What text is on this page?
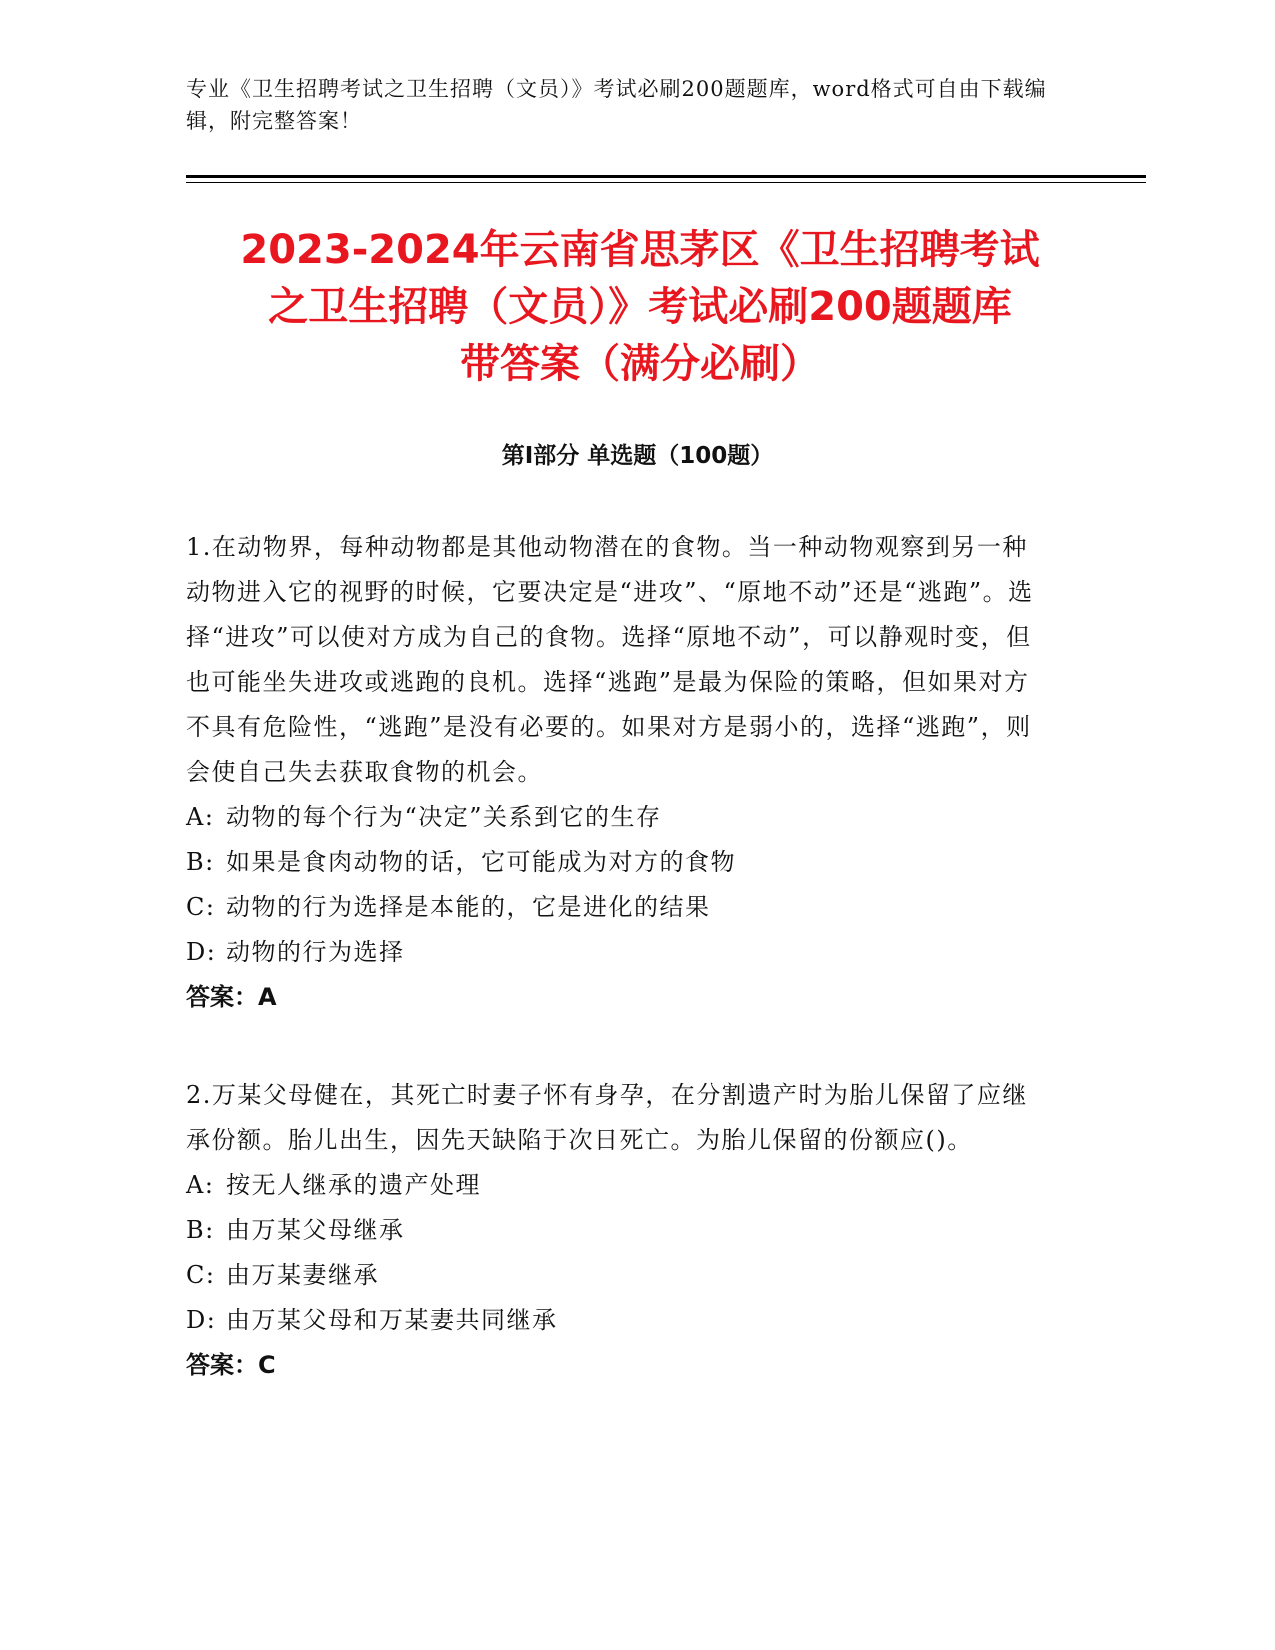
专业《卫生招聘考试之卫生招聘（文员）》考试必刷200题题库，word格式可自由下载编辑，附完整答案！
2023-2024年云南省思茅区《卫生招聘考试
之卫生招聘（文员）》考试必刷200题题库
带答案（满分必刷）
第Ⅰ部分 单选题（100题）
1.在动物界，每种动物都是其他动物潜在的食物。当一种动物观察到另一种动物进入它的视野的时候，它要决定是“进攻”、“原地不动”还是“逃跑”。选择“进攻”可以使对方成为自己的食物。选择“原地不动”，可以静观时变，但也可能坐失进攻或逃跑的良机。选择“逃跑”是最为保险的策略，但如果对方不具有危险性，“逃跑”是没有必要的。如果对方是弱小的，选择“逃跑”，则会使自己失去获取食物的机会。
A: 动物的每个行为“决定”关系到它的生存
B: 如果是食肉动物的话，它可能成为对方的食物
C: 动物的行为选择是本能的，它是进化的结果
D: 动物的行为选择
答案：A
2.万某父母健在，其死亡时妻子怀有身孕，在分割遗产时为胎儿保留了应继承份额。胎儿出生，因先天缺陷于次日死亡。为胎儿保留的份额应()。
A: 按无人继承的遗产处理
B: 由万某父母继承
C: 由万某妻继承
D: 由万某父母和万某妻共同继承
答案：C
